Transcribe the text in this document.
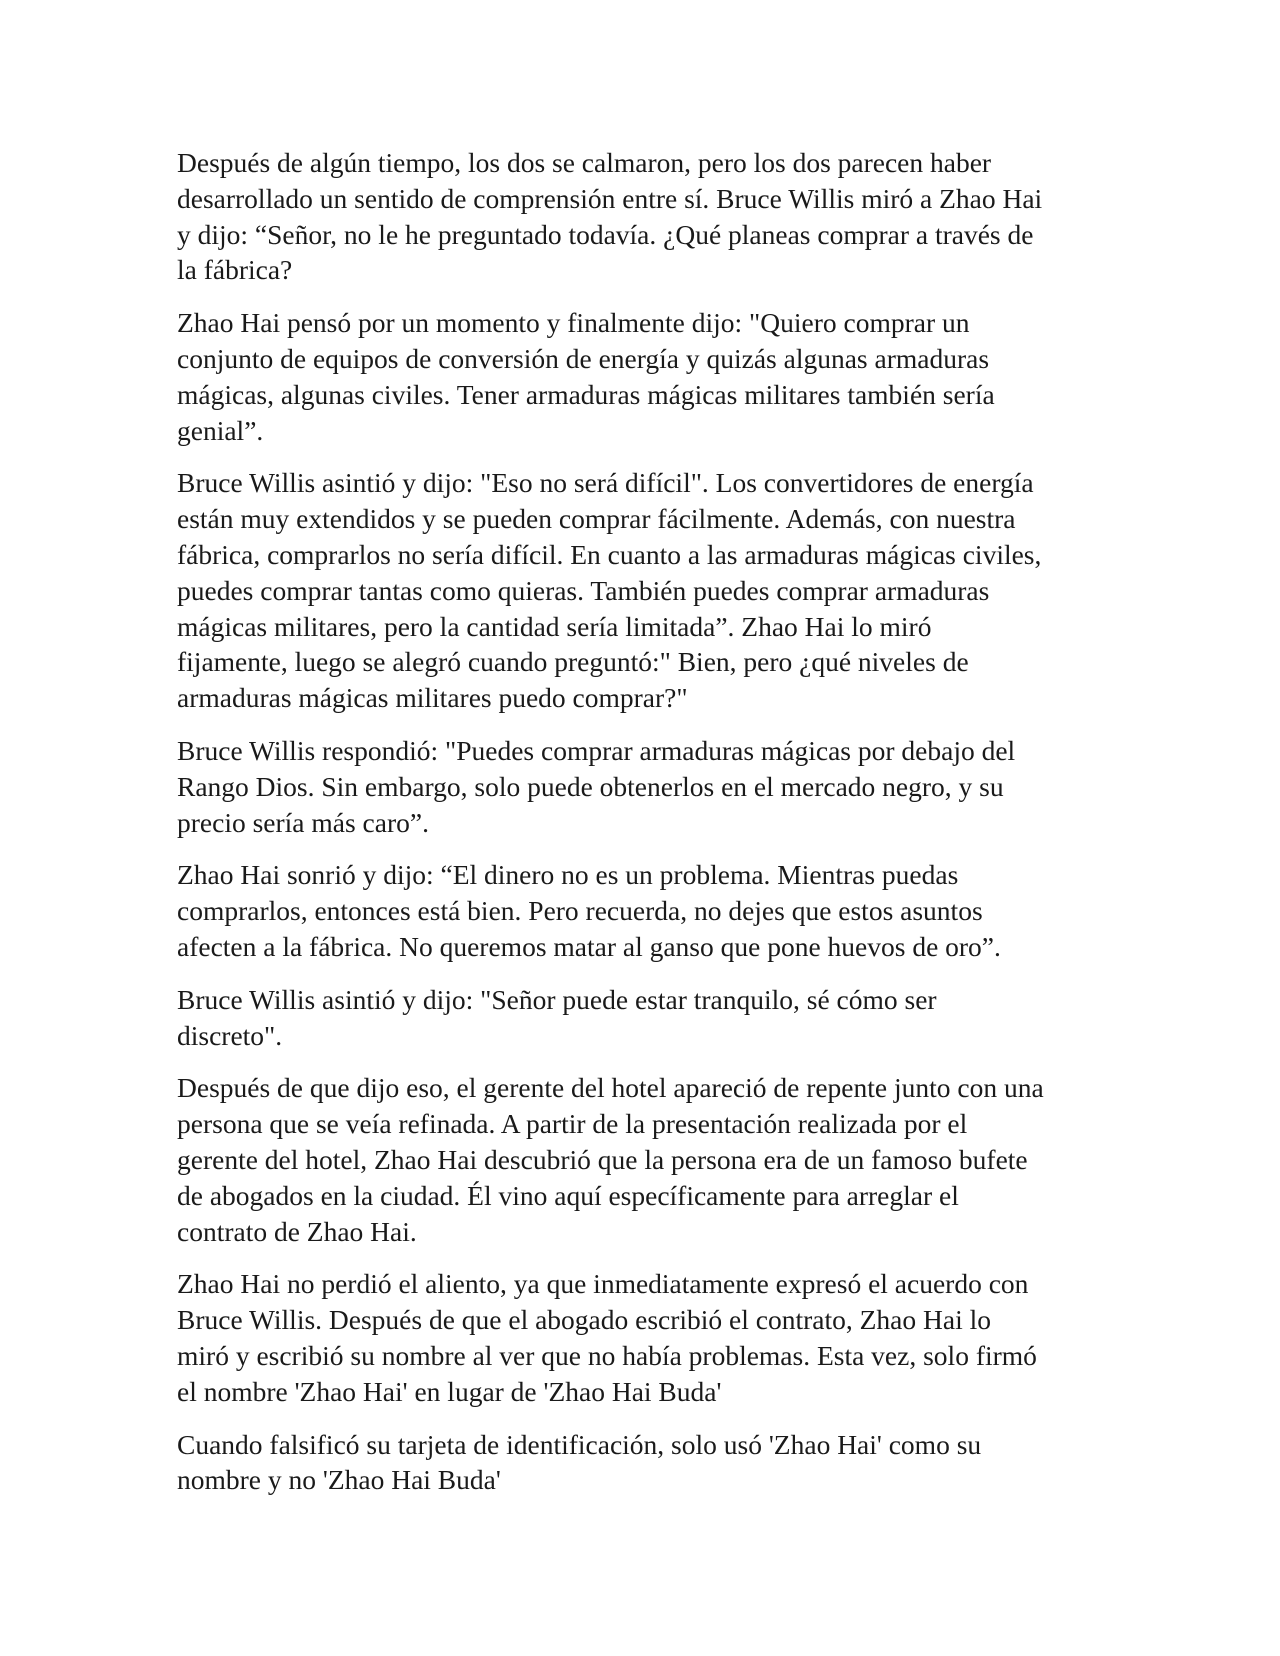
Después de algún tiempo, los dos se calmaron, pero los dos parecen haber
desarrollado un sentido de comprensión entre sí. Bruce Willis miró a Zhao Hai
y dijo: “Señor, no le he preguntado todavía. ¿Qué planeas comprar a través de
la fábrica?

Zhao Hai pensó por un momento y finalmente dijo: "Quiero comprar un
conjunto de equipos de conversión de energía y quizás algunas armaduras
mágicas, algunas civiles. Tener armaduras mágicas militares también sería
genial”.

Bruce Willis asintió y dijo: "Eso no será difícil". Los convertidores de energía
están muy extendidos y se pueden comprar fácilmente. Además, con nuestra
fábrica, comprarlos no sería difícil. En cuanto a las armaduras mágicas civiles,
puedes comprar tantas como quieras. También puedes comprar armaduras
mágicas militares, pero la cantidad sería limitada”. Zhao Hai lo miró
fijamente, luego se alegró cuando preguntó:" Bien, pero ¿qué niveles de
armaduras mágicas militares puedo comprar?"

Bruce Willis respondió: "Puedes comprar armaduras mágicas por debajo del
Rango Dios. Sin embargo, solo puede obtenerlos en el mercado negro, y su
precio sería más caro”.

Zhao Hai sonrió y dijo: “El dinero no es un problema. Mientras puedas
comprarlos, entonces está bien. Pero recuerda, no dejes que estos asuntos
afecten a la fábrica. No queremos matar al ganso que pone huevos de oro”.

Bruce Willis asintió y dijo: "Señor puede estar tranquilo, sé cómo ser
discreto".

Después de que dijo eso, el gerente del hotel apareció de repente junto con una
persona que se veía refinada. A partir de la presentación realizada por el
gerente del hotel, Zhao Hai descubrió que la persona era de un famoso bufete
de abogados en la ciudad. Él vino aquí específicamente para arreglar el
contrato de Zhao Hai.

Zhao Hai no perdió el aliento, ya que inmediatamente expresó el acuerdo con
Bruce Willis. Después de que el abogado escribió el contrato, Zhao Hai lo
miró y escribió su nombre al ver que no había problemas. Esta vez, solo firmó
el nombre 'Zhao Hai' en lugar de 'Zhao Hai Buda'

Cuando falsificó su tarjeta de identificación, solo usó 'Zhao Hai' como su
nombre y no 'Zhao Hai Buda'
